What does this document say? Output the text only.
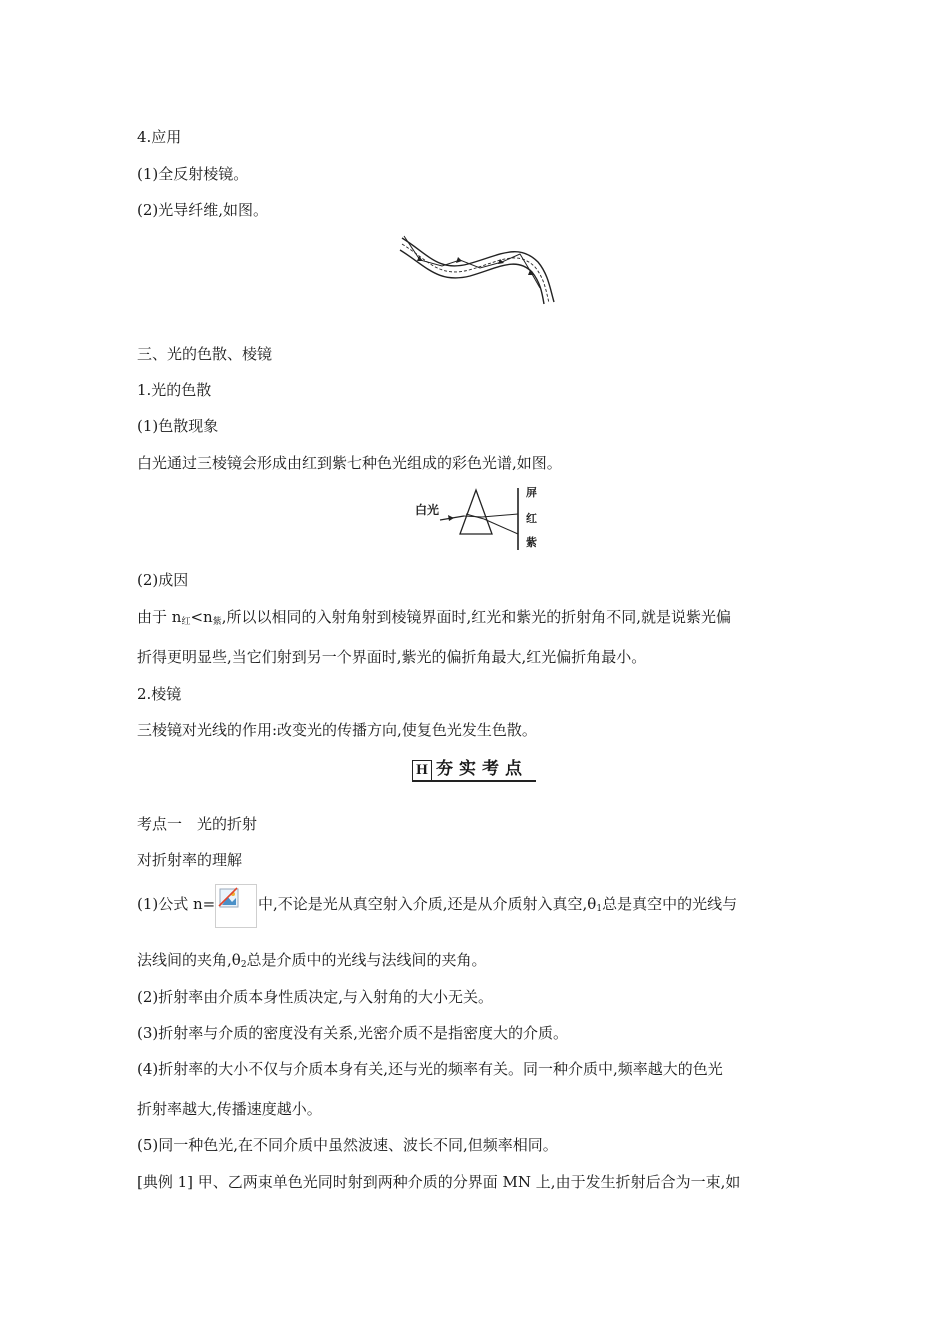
4.应用
(1)全反射棱镜。
(2)光导纤维,如图。
三、光的色散、棱镜
1.光的色散
(1)色散现象
白光通过三棱镜会形成由红到紫七种色光组成的彩色光谱,如图。
白光
屏
红
紫
(2)成因
由于 $n_红<n_紫$,所以以相同的入射角射到棱镜界面时,红光和紫光的折射角不同,就是说紫光偏
折得更明显些,当它们射到另一个界面时,紫光的偏折角最大,红光偏折角最小。
2.棱镜
三棱镜对光线的作用:改变光的传播方向,使复色光发生色散。
H 夯实考点
考点一　光的折射
对折射率的理解
(1)公式 n=	中,不论是光从真空射入介质,还是从介质射入真空$,\theta_1$总是真空中的光线与
法线间的夹角$,\theta_2$总是介质中的光线与法线间的夹角。
(2)折射率由介质本身性质决定,与入射角的大小无关。
(3)折射率与介质的密度没有关系,光密介质不是指密度大的介质。
(4)折射率的大小不仅与介质本身有关,还与光的频率有关。同一种介质中,频率越大的色光
折射率越大,传播速度越小。
(5)同一种色光,在不同介质中虽然波速、波长不同,但频率相同。
[典例 1] 甲、乙两束单色光同时射到两种介质的分界面 MN 上,由于发生折射后合为一束,如
